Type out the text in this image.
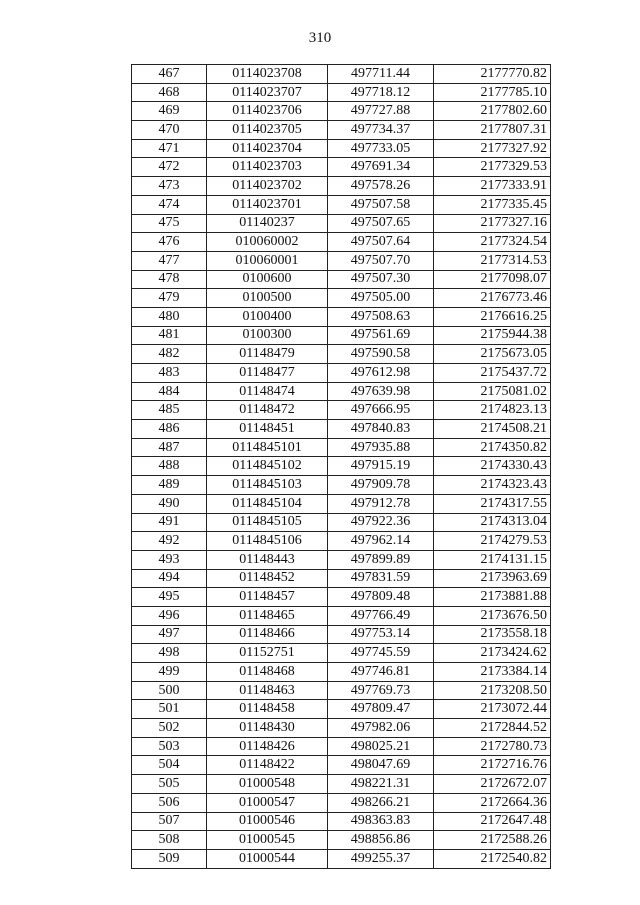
310
467	0114023708	497711.44	2177770.82
468	0114023707	497718.12	2177785.10
469	0114023706	497727.88	2177802.60
470	0114023705	497734.37	2177807.31
471	0114023704	497733.05	2177327.92
472	0114023703	497691.34	2177329.53
473	0114023702	497578.26	2177333.91
474	0114023701	497507.58	2177335.45
475	01140237	497507.65	2177327.16
476	010060002	497507.64	2177324.54
477	010060001	497507.70	2177314.53
478	0100600	497507.30	2177098.07
479	0100500	497505.00	2176773.46
480	0100400	497508.63	2176616.25
481	0100300	497561.69	2175944.38
482	01148479	497590.58	2175673.05
483	01148477	497612.98	2175437.72
484	01148474	497639.98	2175081.02
485	01148472	497666.95	2174823.13
486	01148451	497840.83	2174508.21
487	0114845101	497935.88	2174350.82
488	0114845102	497915.19	2174330.43
489	0114845103	497909.78	2174323.43
490	0114845104	497912.78	2174317.55
491	0114845105	497922.36	2174313.04
492	0114845106	497962.14	2174279.53
493	01148443	497899.89	2174131.15
494	01148452	497831.59	2173963.69
495	01148457	497809.48	2173881.88
496	01148465	497766.49	2173676.50
497	01148466	497753.14	2173558.18
498	01152751	497745.59	2173424.62
499	01148468	497746.81	2173384.14
500	01148463	497769.73	2173208.50
501	01148458	497809.47	2173072.44
502	01148430	497982.06	2172844.52
503	01148426	498025.21	2172780.73
504	01148422	498047.69	2172716.76
505	01000548	498221.31	2172672.07
506	01000547	498266.21	2172664.36
507	01000546	498363.83	2172647.48
508	01000545	498856.86	2172588.26
509	01000544	499255.37	2172540.82
